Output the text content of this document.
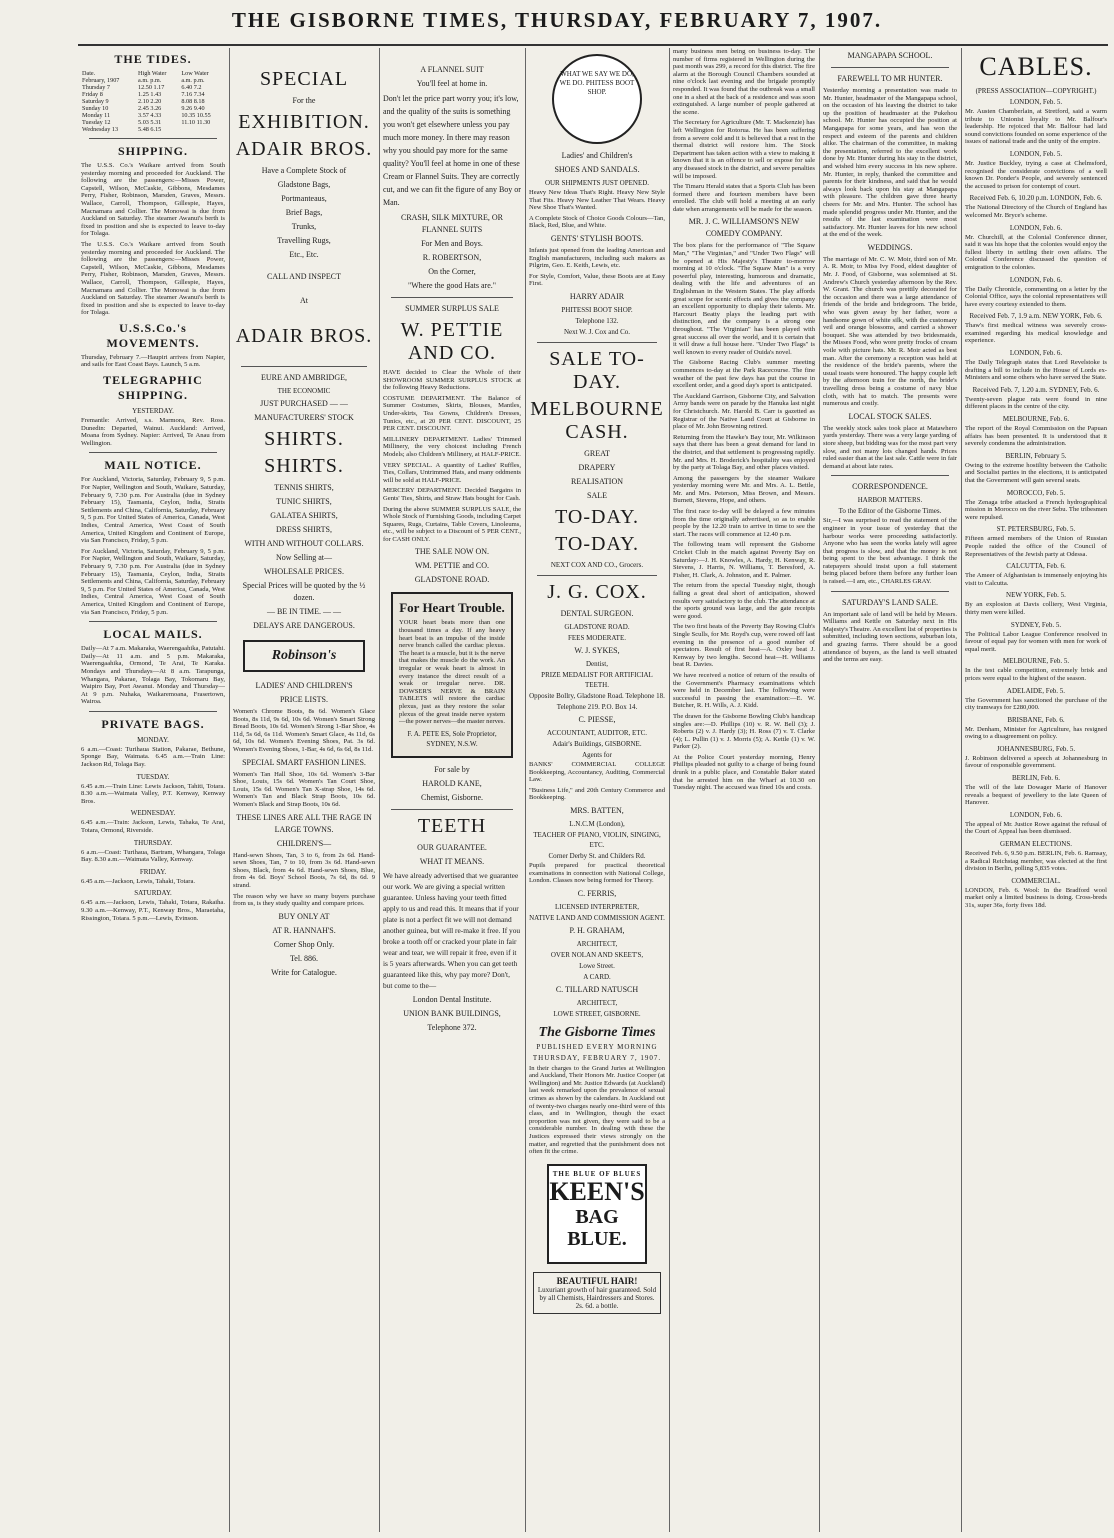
THE GISBORNE TIMES, THURSDAY, FEBRUARY 7, 1907.
THE TIDES.
Date.	High Water	Low Water
February, 1907	a.m. p.m.	a.m. p.m.
Thursday 7	12.50 1.17	6.40 7.2
Friday 8	1.25 1.43	7.16 7.34
Saturday 9	2.10 2.20	8.08 8.18
Sunday 10	2.45 3.26	9.26 9.40
Monday 11	3.57 4.33	10.35 10.55
Tuesday 12	5.03 5.31	11.10 11.30
Wednesday 13	5.48 6.15	
SHIPPING.

The U.S.S. Co.'s Waikare arrived from South yesterday morning and proceeded for Auckland. The following are the passengers:—Misses Power, Capstell, Wilson, McCaskie, Gibbons, Mesdames Perry, Fisher, Robinson, Marsden, Graves, Messrs. Wallace, Carroll, Thompson, Gillespie, Hayes, Macnamara and Collier. The Monowai is due from Auckland on Saturday. The steamer Awanui's berth is fixed in position and she is expected to leave to-day for Tolaga.

The U.S.S. Co.'s Waikare arrived from South yesterday morning and proceeded for Auckland. The following are the passengers:—Misses Power, Capstell, Wilson, McCaskie, Gibbons, Mesdames Perry, Fisher, Robinson, Marsden, Graves, Messrs. Wallace, Carroll, Thompson, Gillespie, Hayes, Macnamara and Collier. The Monowai is due from Auckland on Saturday. The steamer Awanui's berth is fixed in position and she is expected to leave to-day for Tolaga.

U.S.S.Co.'s MOVEMENTS.

Thursday, February 7.—Haupiri arrives from Napier, and sails for East Coast Bays. Launch, 5 a.m.

TELEGRAPHIC SHIPPING.
YESTERDAY.

Fremantle: Arrived, s.s. Marmora, Rev. Ross. Dunedin: Departed, Wainui. Auckland: Arrived, Moana from Sydney. Napier: Arrived, Te Anau from Wellington.

MAIL NOTICE.

For Auckland, Victoria, Saturday, February 9, 5 p.m. For Napier, Wellington and South, Waikare, Saturday, February 9, 7.30 p.m. For Australia (due in Sydney February 15), Tasmania, Ceylon, India, Straits Settlements and China, California, Saturday, February 9, 5 p.m. For United States of America, Canada, West Indies, Central America, West Coast of South America, United Kingdom and Continent of Europe, via San Francisco, Friday, 5 p.m.

For Auckland, Victoria, Saturday, February 9, 5 p.m. For Napier, Wellington and South, Waikare, Saturday, February 9, 7.30 p.m. For Australia (due in Sydney February 15), Tasmania, Ceylon, India, Straits Settlements and China, California, Saturday, February 9, 5 p.m. For United States of America, Canada, West Indies, Central America, West Coast of South America, United Kingdom and Continent of Europe, via San Francisco, Friday, 5 p.m.

LOCAL MAILS.

Daily—At 7 a.m. Makaraka, Waerengaahika, Patutahi. Daily—At 11 a.m. and 5 p.m. Makaraka, Waerengaahika, Ormond, Te Arai, Te Karaka. Mondays and Thursdays—At 8 a.m. Tarapunga, Whangara, Pakarae, Tolaga Bay, Tokomaru Bay, Waipiro Bay, Port Awanui. Monday and Thursday—At 9 p.m. Nuhaka, Waikaremoana, Frasertown, Wairoa.

PRIVATE BAGS.
MONDAY.

6 a.m.—Coast: Turihaua Station, Pakarae, Bethune, Sponge Bay, Waimata. 6.45 a.m.—Train Line: Jackson Rd, Tolaga Bay.

TUESDAY.

6.45 a.m.—Train Line: Lewis Jackson, Tahiti, Totara. 8.30 a.m.—Waimata Valley, P.T. Kenway, Kenway Bros.

WEDNESDAY.

6.45 a.m.—Train: Jackson, Lewis, Tahaka, Te Arai, Totara, Ormond, Riverside.

THURSDAY.

6 a.m.—Coast: Turihaua, Bartram, Whangara, Tolaga Bay. 8.30 a.m.—Waimata Valley, Kenway.

FRIDAY.

6.45 a.m.—Jackson, Lewis, Tahaki, Totara.

SATURDAY.

6.45 a.m.—Jackson, Lewis, Tahaki, Totara, Rakaiha. 9.30 a.m.—Kenway, P.T., Kenway Bros., Maraetaha, Rissington, Totara. 5 p.m.—Lewis, Evinson.

SPECIAL
For the
EXHIBITION.
ADAIR BROS.
Have a Complete Stock of
Gladstone Bags,
Portmanteaus,
Brief Bags,
Trunks,
Travelling Rugs,
Etc., Etc.
CALL AND INSPECT
At
ADAIR BROS.
EURE AND AMBRIDGE,
THE ECONOMIC
JUST PURCHASED — —
MANUFACTURERS' STOCK
SHIRTS.
SHIRTS.
TENNIS SHIRTS,
TUNIC SHIRTS,
GALATEA SHIRTS,
DRESS SHIRTS,
WITH AND WITHOUT COLLARS.
Now Selling at—
WHOLESALE PRICES.
Special Prices will be quoted by the ½ dozen.
— BE IN TIME. — —
DELAYS ARE DANGEROUS.
Robinson's
LADIES' AND CHILDREN'S
PRICE LISTS.

Women's Chrome Boots, 8s 6d. Women's Glace Boots, 8s 11d, 9s 6d, 10s 6d. Women's Smart Strong Bread Boots, 10s 6d. Women's Strong 1-Bar Shoe, 4s 11d, 5s 6d, 6s 11d. Women's Smart Glace, 4s 11d, 6s 6d, 10s 6d. Women's Evening Shoes, Pat. 3s 6d. Women's Evening Shoes, 1-Bar, 4s 6d, 6s 6d, 8s 11d.

SPECIAL SMART FASHION LINES.

Women's Tan Hall Shoe, 10s 6d. Women's 3-Bar Shoe, Louis, 15s 6d. Women's Tan Court Shoe, Louis, 15s 6d. Women's Tan X-strap Shoe, 14s 6d. Women's Tan and Black Strap Boots, 10s 6d. Women's Black and Strap Boots, 10s 6d.

THESE LINES ARE ALL THE RAGE IN LARGE TOWNS.
CHILDREN'S—

Hand-sewn Shoes, Tan, 3 to 6, from 2s 6d. Hand-sewn Shoes, Tan, 7 to 10, from 3s 6d. Hand-sewn Shoes, Black, from 4s 6d. Hand-sewn Shoes, Blue, from 4s 6d. Boys' School Boots, 7s 6d, 8s 6d. 9 strand.

The reason why we have so many buyers purchase from us, is they study quality and compare prices.

BUY ONLY AT
AT R. HANNAH'S.
Corner Shop Only.
Tel. 886.
Write for Catalogue.
A FLANNEL SUIT
You'll feel at home in.

Don't let the price part worry you; it's low, and the quality of the suits is something you won't get elsewhere unless you pay much more money. In there may reason why you should pay more for the same quality? You'll feel at home in one of these Cream or Flannel Suits. They are correctly cut, and we can fit the figure of any Boy or Man.

CRASH, SILK MIXTURE, OR FLANNEL SUITS
For Men and Boys.
R. ROBERTSON,
On the Corner,
"Where the good Hats are."
SUMMER SURPLUS SALE
W. PETTIE AND CO.

HAVE decided to Clear the Whole of their SHOWROOM SUMMER SURPLUS STOCK at the following Heavy Reductions.

COSTUME DEPARTMENT. The Balance of Summer Costumes, Skirts, Blouses, Mantles, Under-skirts, Tea Gowns, Children's Dresses, Tunics, etc., at 20 PER CENT. DISCOUNT, 25 PER CENT. DISCOUNT.

MILLINERY DEPARTMENT. Ladies' Trimmed Millinery, the very choicest including French Models; also Children's Millinery, at HALF-PRICE.

VERY SPECIAL. A quantity of Ladies' Ruffles, Ties, Collars, Untrimmed Hats, and many oddments will be sold at HALF-PRICE.

MERCERY DEPARTMENT. Decided Bargains in Gents' Ties, Shirts, and Straw Hats bought for Cash.

During the above SUMMER SURPLUS SALE, the Whole Stock of Furnishing Goods, including Carpet Squares, Rugs, Curtains, Table Covers, Linoleums, etc., will be subject to a Discount of 5 PER CENT., for CASH ONLY.

THE SALE NOW ON.
WM. PETTIE and CO.
GLADSTONE ROAD.
For Heart Trouble.

YOUR heart beats more than one thousand times a day. If any heavy heart beat is an impulse of the inside nerve branch called the cardiac plexus. The heart is a muscle, but it is the nerve that makes the muscle do the work. An irregular or weak heart is almost in every instance the direct result of a weak or irregular nerve. DR. DOWSER'S NERVE & BRAIN TABLETS will restore the cardiac plexus, just as they restore the solar plexus of the great inside nerve system—the power nerves—the master nerves.

F. A. PETE ES, Sole Proprietor, SYDNEY, N.S.W.
For sale by
HAROLD KANE,
Chemist, Gisborne.
TEETH
OUR GUARANTEE.
WHAT IT MEANS.

We have already advertised that we guarantee our work. We are giving a special written guarantee. Unless having your teeth fitted apply to us and read this. It means that if your plate is not a perfect fit we will not demand another guinea, but will re-make it free. If you broke a tooth off or cracked your plate in fair wear and tear, we will repair it free, even if it is 5 years afterwards. When you can get teeth guaranteed like this, why pay more? Don't, but come to the—

London Dental Institute.
UNION BANK BUILDINGS,
Telephone 372.
WHAT WE SAY WE DO, WE DO. PHITESS BOOT SHOP.
Ladies' and Children's
SHOES AND SANDALS.
OUR SHIPMENTS JUST OPENED.

Heavy New Ideas That's Right. Heavy New Style That Fits. Heavy New Leather That Wears. Heavy New Shoe That's Wanted.

A Complete Stock of Choice Goods Colours—Tan, Black, Red, Blue, and White.

GENTS' STYLISH BOOTS.

Infants just opened from the leading American and English manufacturers, including such makers as Pilgrim, Geo. E. Keith, Lewis, etc.

For Style, Comfort, Value, these Boots are at Easy First.

HARRY ADAIR
PHITESSI BOOT SHOP.
Telephone 132.
Next W. J. Cox and Co.
SALE TO-DAY.
MELBOURNE CASH.
GREAT
DRAPERY
REALISATION
SALE
TO-DAY.
TO-DAY.
NEXT COX AND CO., Grocers.
J. G. COX.
DENTAL SURGEON.
GLADSTONE ROAD.
FEES MODERATE.
W. J. SYKES,
Dentist,
PRIZE MEDALIST FOR ARTIFICIAL TEETH.
Opposite Bollry, Gladstone Road. Telephone 18.
Telephone 219. P.O. Box 14.
C. PIESSE,
ACCOUNTANT, AUDITOR, ETC.
Adair's Buildings, GISBORNE.
Agents for

BANKS' COMMERCIAL COLLEGE Bookkeeping, Accountancy, Auditing, Commercial Law.

"Business Life," and 20th Century Commerce and Bookkeeping.

MRS. BATTEN,
L.N.C.M (London),
TEACHER OF PIANO, VIOLIN, SINGING, ETC.
Corner Derby St. and Childers Rd.

Pupils prepared for practical theoretical examinations in connection with National College, London. Classes now being formed for Theory.

C. FERRIS,
LICENSED INTERPRETER,
NATIVE LAND AND COMMISSION AGENT.
P. H. GRAHAM,
ARCHITECT,
OVER NOLAN AND SKEET'S,
Lowe Street.
A CARD.
C. TILLARD NATUSCH
ARCHITECT,
LOWE STREET, GISBORNE.
The Gisborne Times
PUBLISHED EVERY MORNING
THURSDAY, FEBRUARY 7, 1907.

In their charges to the Grand Juries at Wellington and Auckland, Their Honors Mr. Justice Cooper (at Wellington) and Mr. Justice Edwards (at Auckland) last week remarked upon the prevalence of sexual crimes as shown by the calendars. In Auckland out of twenty-two charges nearly one-third were of this class, and in Wellington, though the exact proportion was not given, they were said to be a considerable number. In dealing with these the Justices expressed their views strongly on the matter, and regretted that the punishment does not often fit the crime.

THE BLUE OF BLUES
KEEN'S
BAG
BLUE.
BEAUTIFUL HAIR!
Luxuriant growth of hair guaranteed. Sold by all Chemists, Hairdressers and Stores. 2s. 6d. a bottle.

many business men being on business to-day. The number of firms registered in Wellington during the past month was 299, a record for this district. The fire alarm at the Borough Council Chambers sounded at nine o'clock last evening and the brigade promptly responded. It was found that the outbreak was a small one in a shed at the back of a residence and was soon extinguished. A large number of people gathered at the scene.

The Secretary for Agriculture (Mr. T. Mackenzie) has left Wellington for Rotorua. He has been suffering from a severe cold and it is believed that a rest in the thermal district will restore him. The Stock Department has taken action with a view to making it known that it is an offence to sell or expose for sale any diseased stock in the district, and severe penalties will be imposed.

The Timaru Herald states that a Sports Club has been formed there and fourteen members have been enrolled. The club will hold a meeting at an early date when arrangements will be made for the season.

MR. J. C. WILLIAMSON'S NEW COMEDY COMPANY.

The box plans for the performance of "The Squaw Man," "The Virginian," and "Under Two Flags" will be opened at His Majesty's Theatre to-morrow morning at 10 o'clock. "The Squaw Man" is a very powerful play, interesting, humorous and dramatic, dealing with the life and adventures of an Englishman in the Western States. The play affords great scope for scenic effects and gives the company an excellent opportunity to display their talents. Mr. Harcourt Beatty plays the leading part with distinction, and the company is a strong one throughout. "The Virginian" has been played with great success all over the world, and it is certain that it will draw a full house here. "Under Two Flags" is well known to every reader of Ouida's novel.

The Gisborne Racing Club's summer meeting commences to-day at the Park Racecourse. The fine weather of the past few days has put the course in excellent order, and a good day's sport is anticipated.

The Auckland Garrison, Gisborne City, and Salvation Army bands were on parade by the Hanuka last night for Christchurch. Mr. Harold B. Carr is gazetted as Registrar of the Native Land Court at Gisborne in place of Mr. John Browning retired.

Returning from the Hawke's Bay tour, Mr. Wilkinson says that there has been a great demand for land in the district, and that settlement is progressing rapidly. Mr. and Mrs. H. Broderick's hospitality was enjoyed by the party at Tolaga Bay, and other places visited.

Among the passengers by the steamer Waikare yesterday morning were Mr. and Mrs. A. L. Bettle, Mr. and Mrs. Peterson, Miss Brown, and Messrs. Burnett, Stevens, Hope, and others.

The first race to-day will be delayed a few minutes from the time originally advertised, so as to enable people by the 12.20 train to arrive in time to see the start. The races will commence at 12.40 p.m.

The following team will represent the Gisborne Cricket Club in the match against Poverty Bay on Saturday:—J. H. Knowles, A. Hardy, H. Kenway, R. Stevens, J. Harris, N. Williams, T. Beresford, A. Fisher, H. Clark, A. Johnston, and E. Palmer.

The return from the special Tuesday night, though falling a great deal short of anticipation, showed results very satisfactory to the club. The attendance at the sports ground was large, and the gate receipts were good.

The two first heats of the Poverty Bay Rowing Club's Single Sculls, for Mr. Royd's cup, were rowed off last evening in the presence of a good number of spectators. Result of first heat—A. Oxley beat J. Kenway by two lengths. Second heat—H. Williams beat R. Davies.

We have received a notice of return of the results of the Government's Pharmacy examinations which were held in December last. The following were successful in passing the examination:—E. W. Butcher, R. H. Wills, A. J. Kidd.

The drawn for the Gisborne Bowling Club's handicap singles are:—D. Phillips (10) v. R. W. Bell (3); J. Roberts (2) v. J. Hardy (3); H. Ross (7) v. T. Clarke (4); L. Pullin (1) v. J. Morris (5); A. Kettle (1) v. W. Parker (2).

At the Police Court yesterday morning, Henry Phillips pleaded not guilty to a charge of being found drunk in a public place, and Constable Baker stated that he arrested him on the Wharf at 10.30 on Tuesday night. The accused was fined 10s and costs.

MANGAPAPA SCHOOL.
FAREWELL TO MR HUNTER.

Yesterday morning a presentation was made to Mr. Hunter, headmaster of the Mangapapa school, on the occasion of his leaving the district to take up the position of headmaster at the Pukehou school. Mr. Hunter has occupied the position at Mangapapa for some years, and has won the respect and esteem of the parents and children alike. The chairman of the committee, in making the presentation, referred to the excellent work done by Mr. Hunter during his stay in the district, and wished him every success in his new sphere. Mr. Hunter, in reply, thanked the committee and parents for their kindness, and said that he would always look back upon his stay at Mangapapa with pleasure. The children gave three hearty cheers for Mr. and Mrs. Hunter. The school has made splendid progress under Mr. Hunter, and the results of the last examination were most satisfactory. Mr. Hunter leaves for his new school at the end of the week.

WEDDINGS.

The marriage of Mr. C. W. Moir, third son of Mr. A. R. Moir, to Miss Ivy Food, eldest daughter of Mr. J. Food, of Gisborne, was solemnised at St. Andrew's Church yesterday afternoon by the Rev. W. Grant. The church was prettily decorated for the occasion and there was a large attendance of friends of the bride and bridegroom. The bride, who was given away by her father, wore a handsome gown of white silk, with the customary veil and orange blossoms, and carried a shower bouquet. She was attended by two bridesmaids, the Misses Food, who wore pretty frocks of cream voile with picture hats. Mr. R. Moir acted as best man. After the ceremony a reception was held at the residence of the bride's parents, where the usual toasts were honoured. The happy couple left by the afternoon train for the north, the bride's travelling dress being a costume of navy blue cloth, with hat to match. The presents were numerous and costly.

LOCAL STOCK SALES.

The weekly stock sales took place at Matawhero yards yesterday. There was a very large yarding of store sheep, but bidding was for the most part very slow, and not many lots changed hands. Prices ruled easier than at the last sale. Cattle were in fair demand at about late rates.

CORRESPONDENCE.
HARBOR MATTERS.
To the Editor of the Gisborne Times.

Sir,—I was surprised to read the statement of the engineer in your issue of yesterday that the harbour works were proceeding satisfactorily. Anyone who has seen the works lately will agree that progress is slow, and that the money is not being spent to the best advantage. I think the ratepayers should insist upon a full statement being placed before them before any further loan is raised.—I am, etc., CHARLES GRAY.

SATURDAY'S LAND SALE.

An important sale of land will be held by Messrs. Williams and Kettle on Saturday next in His Majesty's Theatre. An excellent list of properties is submitted, including town sections, suburban lots, and grazing farms. There should be a good attendance of buyers, as the land is well situated and the terms are easy.

CABLES.
(PRESS ASSOCIATION—COPYRIGHT.)
LONDON, Feb. 5.

Mr. Austen Chamberlain, at Stretford, said a warm tribute to Unionist loyalty to Mr. Balfour's leadership. He rejoiced that Mr. Balfour had laid sound convictions founded on some experience of the issues of national trade and the unity of the empire.

LONDON, Feb. 5.

Mr. Justice Buckley, trying a case at Chelmsford, recognised the considerate convictions of a well known Dr. Ponder's People, and severely sentenced the accused to prison for contempt of court.

Received Feb. 6, 10.20 p.m. LONDON, Feb. 6.

The National Directory of the Church of England has welcomed Mr. Bryce's scheme.

LONDON, Feb. 6.

Mr. Churchill, at the Colonial Conference dinner, said it was his hope that the colonies would enjoy the fullest liberty in settling their own affairs. The Colonial Conference discussed the question of emigration to the colonies.

LONDON, Feb. 6.

The Daily Chronicle, commenting on a letter by the Colonial Office, says the colonial representatives will have every courtesy extended to them.

Received Feb. 7, 1.9 a.m. NEW YORK, Feb. 6.

Thaw's first medical witness was severely cross-examined regarding his medical knowledge and experience.

LONDON, Feb. 6.

The Daily Telegraph states that Lord Revelstoke is drafting a bill to include in the House of Lords ex-Ministers and some others who have served the State.

Received Feb. 7, 1.20 a.m. SYDNEY, Feb. 6.

Twenty-seven plague rats were found in nine different places in the centre of the city.

MELBOURNE, Feb. 6.

The report of the Royal Commission on the Papuan affairs has been presented. It is understood that it severely condemns the administration.

BERLIN, February 5.

Owing to the extreme hostility between the Catholic and Socialist parties in the elections, it is anticipated that the Government will gain several seats.

MOROCCO, Feb. 5.

The Zenaga tribe attacked a French hydrographical mission in Morocco on the river Sebu. The tribesmen were repulsed.

ST. PETERSBURG, Feb. 5.

Fifteen armed members of the Union of Russian People raided the office of the Council of Representatives of the Jewish party at Odessa.

CALCUTTA, Feb. 6.

The Ameer of Afghanistan is immensely enjoying his visit to Calcutta.

NEW YORK, Feb. 5.

By an explosion at Davis colliery, West Virginia, thirty men were killed.

SYDNEY, Feb. 5.

The Political Labor League Conference resolved in favour of equal pay for women with men for work of equal merit.

MELBOURNE, Feb. 5.

In the test cable competition, extremely brisk and prices were equal to the highest of the season.

ADELAIDE, Feb. 5.

The Government has sanctioned the purchase of the city tramways for £280,000.

BRISBANE, Feb. 6.

Mr. Denham, Minister for Agriculture, has resigned owing to a disagreement on policy.

JOHANNESBURG, Feb. 5.

J. Robinson delivered a speech at Johannesburg in favour of responsible government.

BERLIN, Feb. 6.

The will of the late Dowager Marie of Hanover reveals a bequest of jewellery to the late Queen of Hanover.

LONDON, Feb. 6.

The appeal of Mr. Justice Rowe against the refusal of the Court of Appeal has been dismissed.

GERMAN ELECTIONS.

Received Feb. 6, 9.50 p.m. BERLIN, Feb. 6. Ramsay, a Radical Reichstag member, was elected at the first division in Berlin, polling 5,835 votes.

COMMERCIAL.

LONDON, Feb. 6. Wool: In the Bradford wool market only a limited business is doing. Cross-breds 31s, super 36s, forty fives 18d.
